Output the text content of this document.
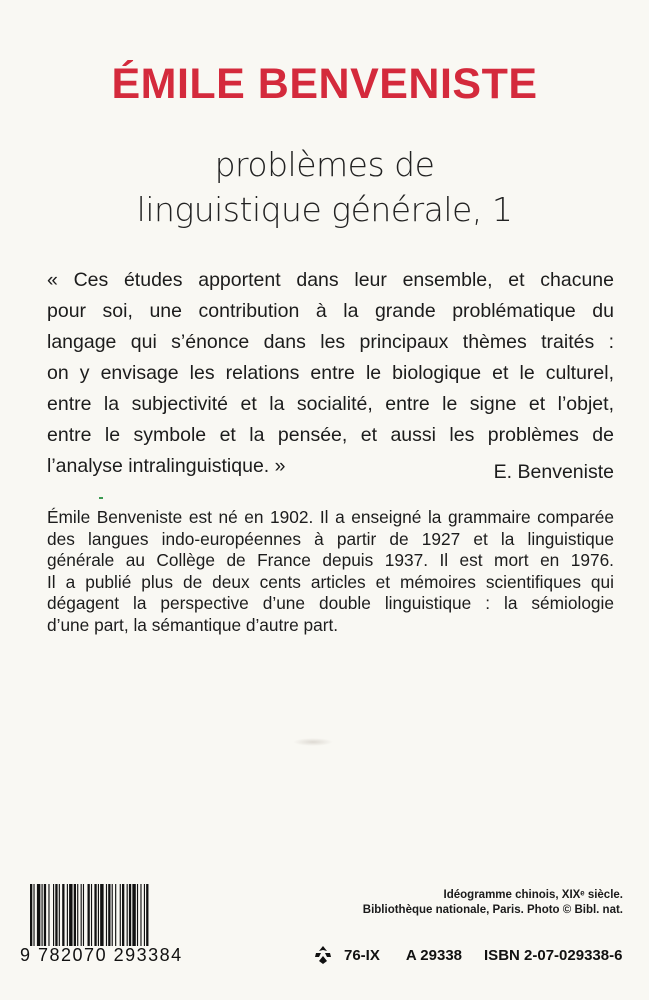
ÉMILE BENVENISTE
problèmes de
linguistique générale, 1
« Ces études apportent dans leur ensemble, et chacune
pour soi, une contribution à la grande problématique du
langage qui s’énonce dans les principaux thèmes traités :
on y envisage les relations entre le biologique et le culturel,
entre la subjectivité et la socialité, entre le signe et l’objet,
entre le symbole et la pensée, et aussi les problèmes de
l’analyse intralinguistique. »	E. Benveniste
Émile Benveniste est né en 1902. Il a enseigné la grammaire comparée
des langues indo-européennes à partir de 1927 et la linguistique
générale au Collège de France depuis 1937. Il est mort en 1976.
Il a publié plus de deux cents articles et mémoires scientifiques qui
dégagent la perspective d’une double linguistique : la sémiologie
d’une part, la sémantique d’autre part.
9 782070 293384
Idéogramme chinois, XIXᵉ siècle.
Bibliothèque nationale, Paris. Photo © Bibl. nat.
76-IX A 29338 ISBN 2-07-029338-6
